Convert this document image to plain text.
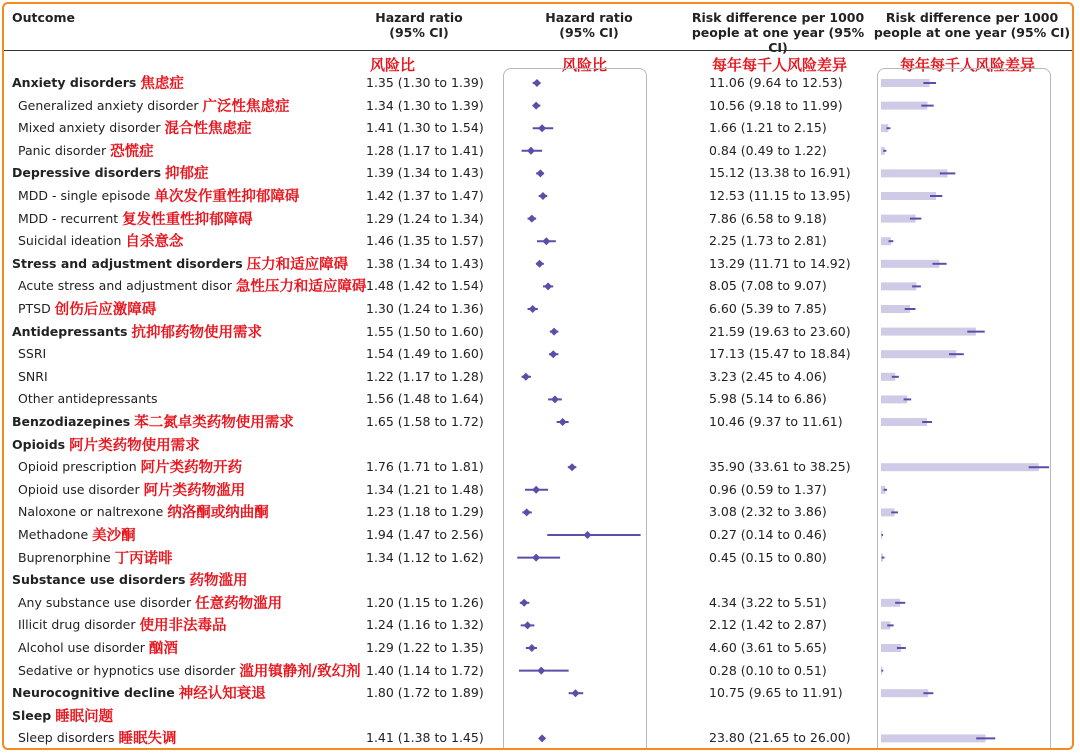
Outcome	Hazard ratio
(95% CI)
Hazard ratio
(95% CI)
Risk difference per 1000
people at one year (95% CI)
Risk difference per 1000
people at one year (95% CI)
风险比	风险比	每年每千人风险差异	每年每千人风险差异
Anxiety disorders 焦虑症	1.35 (1.30 to 1.39)	11.06 (9.64 to 12.53)
Generalized anxiety disorder 广泛性焦虑症	1.34 (1.30 to 1.39)	10.56 (9.18 to 11.99)
Mixed anxiety disorder 混合性焦虑症	1.41 (1.30 to 1.54)	1.66 (1.21 to 2.15)
Panic disorder 恐慌症	1.28 (1.17 to 1.41)	0.84 (0.49 to 1.22)
Depressive disorders 抑郁症	1.39 (1.34 to 1.43)	15.12 (13.38 to 16.91)
MDD - single episode 单次发作重性抑郁障碍	1.42 (1.37 to 1.47)	12.53 (11.15 to 13.95)
MDD - recurrent 复发性重性抑郁障碍	1.29 (1.24 to 1.34)	7.86 (6.58 to 9.18)
Suicidal ideation 自杀意念	1.46 (1.35 to 1.57)	2.25 (1.73 to 2.81)
Stress and adjustment disorders 压力和适应障碍 1.38 (1.34 to 1.43)	13.29 (11.71 to 14.92)
Acute stress and adjustment disor 急性压力和适应障碍 1.48 (1.42 to 1.54)	8.05 (7.08 to 9.07)
PTSD 创伤后应激障碍	1.30 (1.24 to 1.36)	6.60 (5.39 to 7.85)
Antidepressants 抗抑郁药物使用需求	1.55 (1.50 to 1.60)	21.59 (19.63 to 23.60)
SSRI	1.54 (1.49 to 1.60)	17.13 (15.47 to 18.84)
SNRI	1.22 (1.17 to 1.28)	3.23 (2.45 to 4.06)
Other antidepressants	1.56 (1.48 to 1.64)	5.98 (5.14 to 6.86)
Benzodiazepines 苯二氮卓类药物使用需求	1.65 (1.58 to 1.72)	10.46 (9.37 to 11.61)
Opioids 阿片类药物使用需求
Opioid prescription 阿片类药物开药	1.76 (1.71 to 1.81)	35.90 (33.61 to 38.25)
Opioid use disorder 阿片类药物滥用	1.34 (1.21 to 1.48)	0.96 (0.59 to 1.37)
Naloxone or naltrexone 纳洛酮或纳曲酮	1.23 (1.18 to 1.29)	3.08 (2.32 to 3.86)
Methadone 美沙酮	1.94 (1.47 to 2.56)	0.27 (0.14 to 0.46)
Buprenorphine 丁丙诺啡	1.34 (1.12 to 1.62)	0.45 (0.15 to 0.80)
Substance use disorders 药物滥用
Any substance use disorder 任意药物滥用	1.20 (1.15 to 1.26)	4.34 (3.22 to 5.51)
Illicit drug disorder 使用非法毒品	1.24 (1.16 to 1.32)	2.12 (1.42 to 2.87)
Alcohol use disorder 酗酒	1.29 (1.22 to 1.35)	4.60 (3.61 to 5.65)
Sedative or hypnotics use disorder 滥用镇静剂/致幻剂 1.40 (1.14 to 1.72)	0.28 (0.10 to 0.51)
Neurocognitive decline 神经认知衰退	1.80 (1.72 to 1.89)	10.75 (9.65 to 11.91)
Sleep 睡眠问题
Sleep disorders 睡眠失调	1.41 (1.38 to 1.45)	23.80 (21.65 to 26.00)
